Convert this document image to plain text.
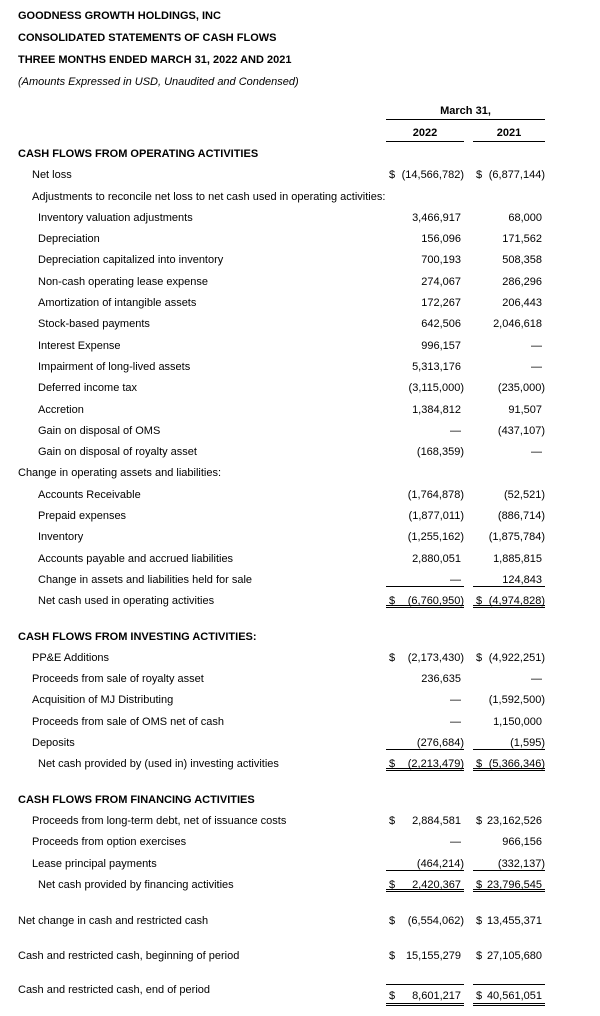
GOODNESS GROWTH HOLDINGS, INC
CONSOLIDATED STATEMENTS OF CASH FLOWS
THREE MONTHS ENDED MARCH 31, 2022 AND 2021
(Amounts Expressed in USD, Unaudited and Condensed)
March 31,
2022	2021
CASH FLOWS FROM OPERATING ACTIVITIES
Net loss	$ (14,566,782) $ (6,877,144)
Adjustments to reconcile net loss to net cash used in operating activities:
Inventory valuation adjustments	3,466,917	68,000
Depreciation	156,096	171,562
Depreciation capitalized into inventory	700,193	508,358
Non-cash operating lease expense	274,067	286,296
Amortization of intangible assets	172,267	206,443
Stock-based payments	642,506	2,046,618
Interest Expense	996,157	—
Impairment of long-lived assets	5,313,176	—
Deferred income tax	(3,115,000)	(235,000)
Accretion	1,384,812	91,507
Gain on disposal of OMS	—	(437,107)
Gain on disposal of royalty asset	(168,359)	—
Change in operating assets and liabilities:
Accounts Receivable	(1,764,878)	(52,521)
Prepaid expenses	(1,877,011)	(886,714)
Inventory	(1,255,162) (1,875,784)
Accounts payable and accrued liabilities	2,880,051	1,885,815
Change in assets and liabilities held for sale	—	124,843
Net cash used in operating activities	$ (6,760,950) $ (4,974,828)
CASH FLOWS FROM INVESTING ACTIVITIES:
PP&E Additions	$ (2,173,430) $ (4,922,251)
Proceeds from sale of royalty asset	236,635	—
Acquisition of MJ Distributing	—	(1,592,500)
Proceeds from sale of OMS net of cash	—	1,150,000
Deposits	(276,684)	(1,595)
Net cash provided by (used in) investing activities	$ (2,213,479) $ (5,366,346)
CASH FLOWS FROM FINANCING ACTIVITIES
Proceeds from long-term debt, net of issuance costs	$ 2,884,581 $ 23,162,526
Proceeds from option exercises	—	966,156
Lease principal payments	(464,214)	(332,137)
Net cash provided by financing activities	$ 2,420,367 $ 23,796,545
Net change in cash and restricted cash	$ (6,554,062) $ 13,455,371
Cash and restricted cash, beginning of period	$ 15,155,279 $ 27,105,680
Cash and restricted cash, end of period	$ 8,601,217 $ 40,561,051
